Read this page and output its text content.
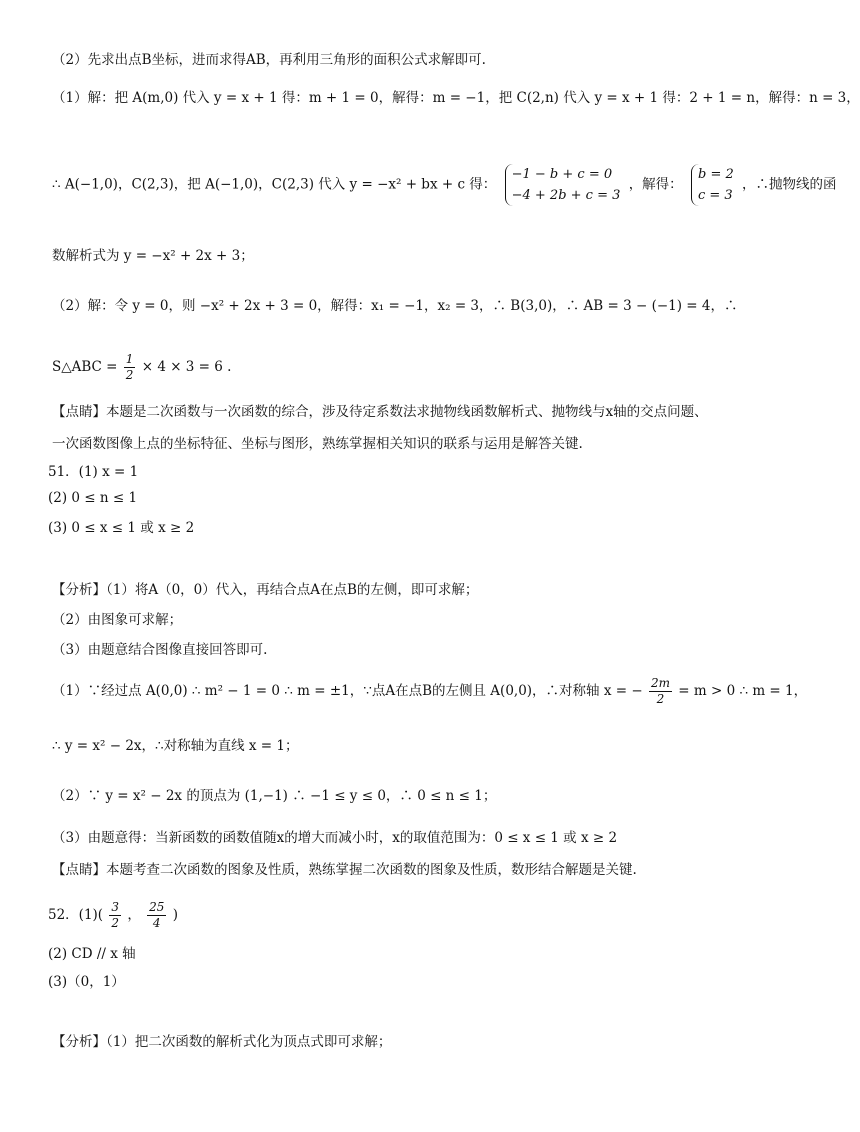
（2）先求出点B坐标，进而求得AB，再利用三角形的面积公式求解即可.
（1）解：把 A(m,0) 代入 y = x + 1 得：m + 1 = 0，解得：m = −1，把 C(2,n) 代入 y = x + 1 得：2 + 1 = n，解得：n = 3，
∴ A(−1,0)，C(2,3)，把 A(−1,0)，C(2,3) 代入 y = −x² + bx + c 得：
−1 − b + c = 0
−4 + 2b + c = 3
，解得：
b = 2
c = 3
，∴抛物线的函
数解析式为 y = −x² + 2x + 3；
（2）解：令 y = 0，则 −x² + 2x + 3 = 0，解得：x₁ = −1，x₂ = 3，∴ B(3,0)，∴ AB = 3 − (−1) = 4，∴
S△ABC = $\frac{1}{2} \times 4 \times 3 = 6$ .
【点睛】本题是二次函数与一次函数的综合，涉及待定系数法求抛物线函数解析式、抛物线与x轴的交点问题、
一次函数图像上点的坐标特征、坐标与图形，熟练掌握相关知识的联系与运用是解答关键.
51．(1) x = 1
(2) 0 ≤ n ≤ 1
(3) 0 ≤ x ≤ 1 或 x ≥ 2
【分析】（1）将A（0，0）代入，再结合点A在点B的左侧，即可求解；
（2）由图象可求解；
（3）由题意结合图像直接回答即可.
（1）∵经过点 A(0,0) ∴ m² − 1 = 0 ∴ m = ±1，∵点A在点B的左侧且 A(0,0)，∴对称轴 x = − $\frac{2m}{2} = m > 0$ ∴ m = 1，
∴ y = x² − 2x，∴对称轴为直线 x = 1；
（2）∵ y = x² − 2x 的顶点为 (1,−1) ∴ −1 ≤ y ≤ 0，∴ 0 ≤ n ≤ 1；
（3）由题意得：当新函数的函数值随x的增大而减小时，x的取值范围为：0 ≤ x ≤ 1 或 x ≥ 2
【点睛】本题考查二次函数的图象及性质，熟练掌握二次函数的图象及性质，数形结合解题是关键.
52．$(1)( \frac{3}{2}$ ， $\frac{25}{4}$ )
(2) CD // x 轴
(3)（0，1）
【分析】（1）把二次函数的解析式化为顶点式即可求解；
